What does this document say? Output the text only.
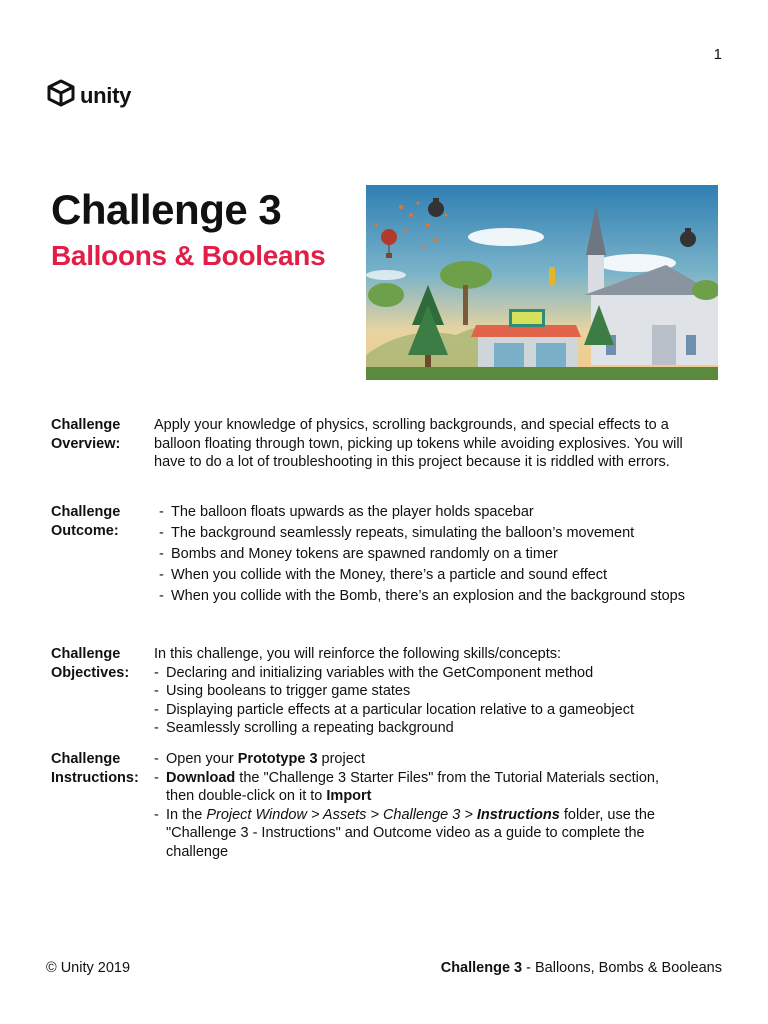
1
unity
Challenge 3
Balloons & Booleans
Challenge
Overview:

Apply your knowledge of physics, scrolling backgrounds, and special effects to a balloon floating through town, picking up tokens while avoiding explosives. You will have to do a lot of troubleshooting in this project because it is riddled with errors.

Challenge
Outcome:
- The balloon floats upwards as the player holds spacebar
- The background seamlessly repeats, simulating the balloon’s movement
- Bombs and Money tokens are spawned randomly on a timer
- When you collide with the Money, there’s a particle and sound effect
- When you collide with the Bomb, there’s an explosion and the background stops
Challenge
Objectives:

In this challenge, you will reinforce the following skills/concepts:

- Declaring and initializing variables with the GetComponent method
- Using booleans to trigger game states
- Displaying particle effects at a particular location relative to a gameobject
- Seamlessly scrolling a repeating background
Challenge
Instructions:
- Open your Prototype 3 project
- Download the "Challenge 3 Starter Files" from the Tutorial Materials section, then double-click on it to Import
- In the Project Window > Assets > Challenge 3 > Instructions folder, use the "Challenge 3 - Instructions" and Outcome video as a guide to complete the challenge
© Unity 2019	Challenge 3 - Balloons, Bombs & Booleans
